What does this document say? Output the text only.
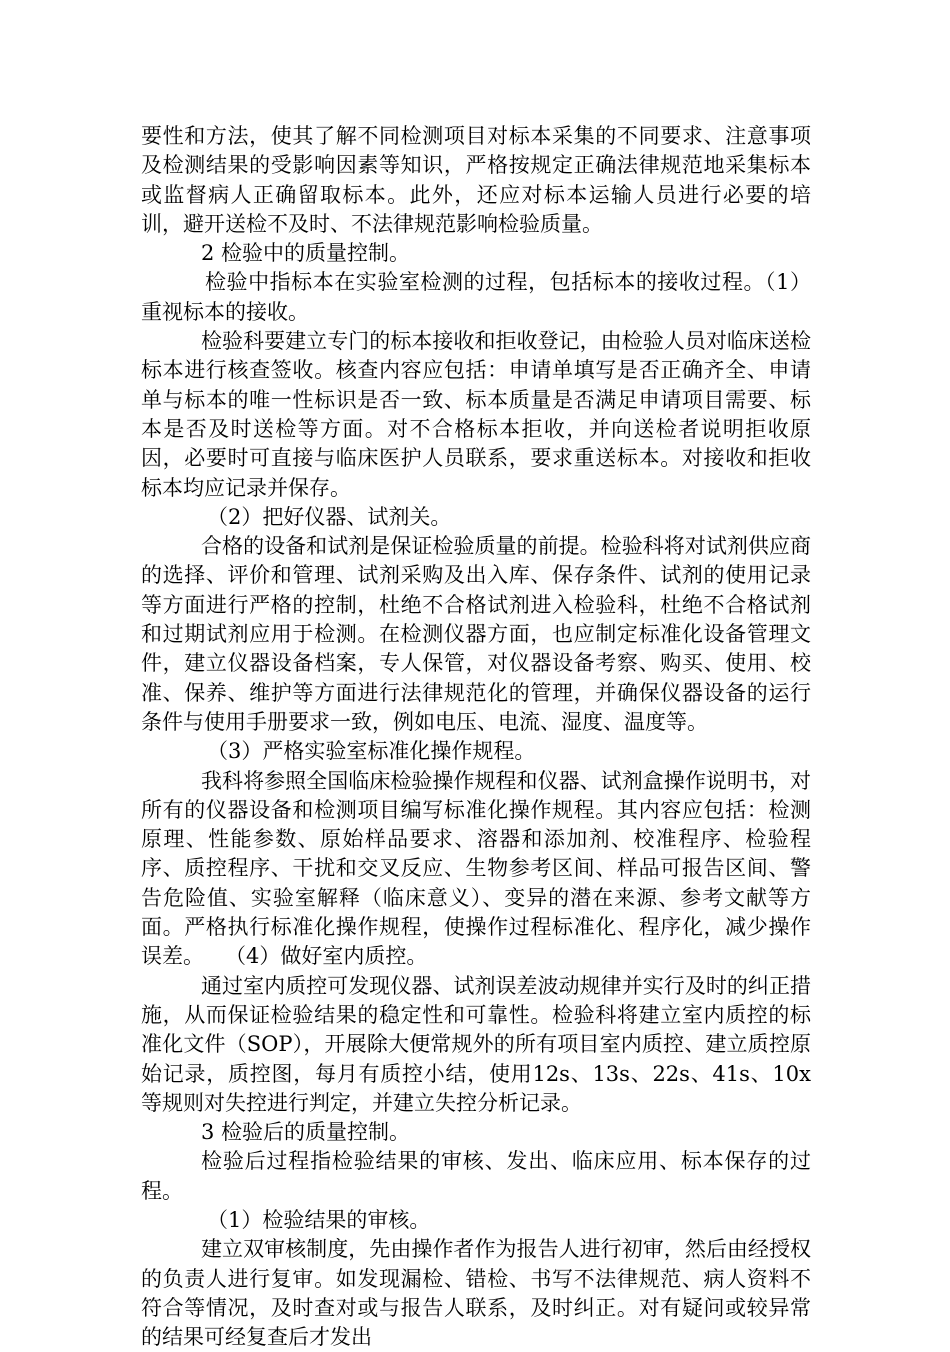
要性和方法，使其了解不同检测项目对标本采集的不同要求、注意事项及检测结果的受影响因素等知识，严格按规定正确法律规范地采集标本或监督病人正确留取标本。此外，还应对标本运输人员进行必要的培训，避开送检不及时、不法律规范影响检验质量。

2 检验中的质量控制。

检验中指标本在实验室检测的过程，包括标本的接收过程。（1）重视标本的接收。

检验科要建立专门的标本接收和拒收登记，由检验人员对临床送检标本进行核查签收。核查内容应包括：申请单填写是否正确齐全、申请单与标本的唯一性标识是否一致、标本质量是否满足申请项目需要、标本是否及时送检等方面。对不合格标本拒收，并向送检者说明拒收原因，必要时可直接与临床医护人员联系，要求重送标本。对接收和拒收标本均应记录并保存。

（2）把好仪器、试剂关。

合格的设备和试剂是保证检验质量的前提。检验科将对试剂供应商的选择、评价和管理、试剂采购及出入库、保存条件、试剂的使用记录等方面进行严格的控制，杜绝不合格试剂进入检验科，杜绝不合格试剂和过期试剂应用于检测。在检测仪器方面，也应制定标准化设备管理文件，建立仪器设备档案，专人保管，对仪器设备考察、购买、使用、校准、保养、维护等方面进行法律规范化的管理，并确保仪器设备的运行条件与使用手册要求一致，例如电压、电流、湿度、温度等。

（3）严格实验室标准化操作规程。

我科将参照全国临床检验操作规程和仪器、试剂盒操作说明书，对所有的仪器设备和检测项目编写标准化操作规程。其内容应包括：检测原理、性能参数、原始样品要求、溶器和添加剂、校准程序、检验程序、质控程序、干扰和交叉反应、生物参考区间、样品可报告区间、警告危险值、实验室解释（临床意义）、变异的潜在来源、参考文献等方面。严格执行标准化操作规程，使操作过程标准化、程序化，减少操作误差。　　（4）做好室内质控。

通过室内质控可发现仪器、试剂误差波动规律并实行及时的纠正措施，从而保证检验结果的稳定性和可靠性。检验科将建立室内质控的标准化文件（SOP），开展除大便常规外的所有项目室内质控、建立质控原始记录，质控图，每月有质控小结，使用12s、13s、22s、41s、10x等规则对失控进行判定，并建立失控分析记录。

3 检验后的质量控制。

检验后过程指检验结果的审核、发出、临床应用、标本保存的过程。

（1）检验结果的审核。

建立双审核制度，先由操作者作为报告人进行初审，然后由经授权的负责人进行复审。如发现漏检、错检、书写不法律规范、病人资料不符合等情况，及时查对或与报告人联系，及时纠正。对有疑问或较异常的结果可经复查后才发出
